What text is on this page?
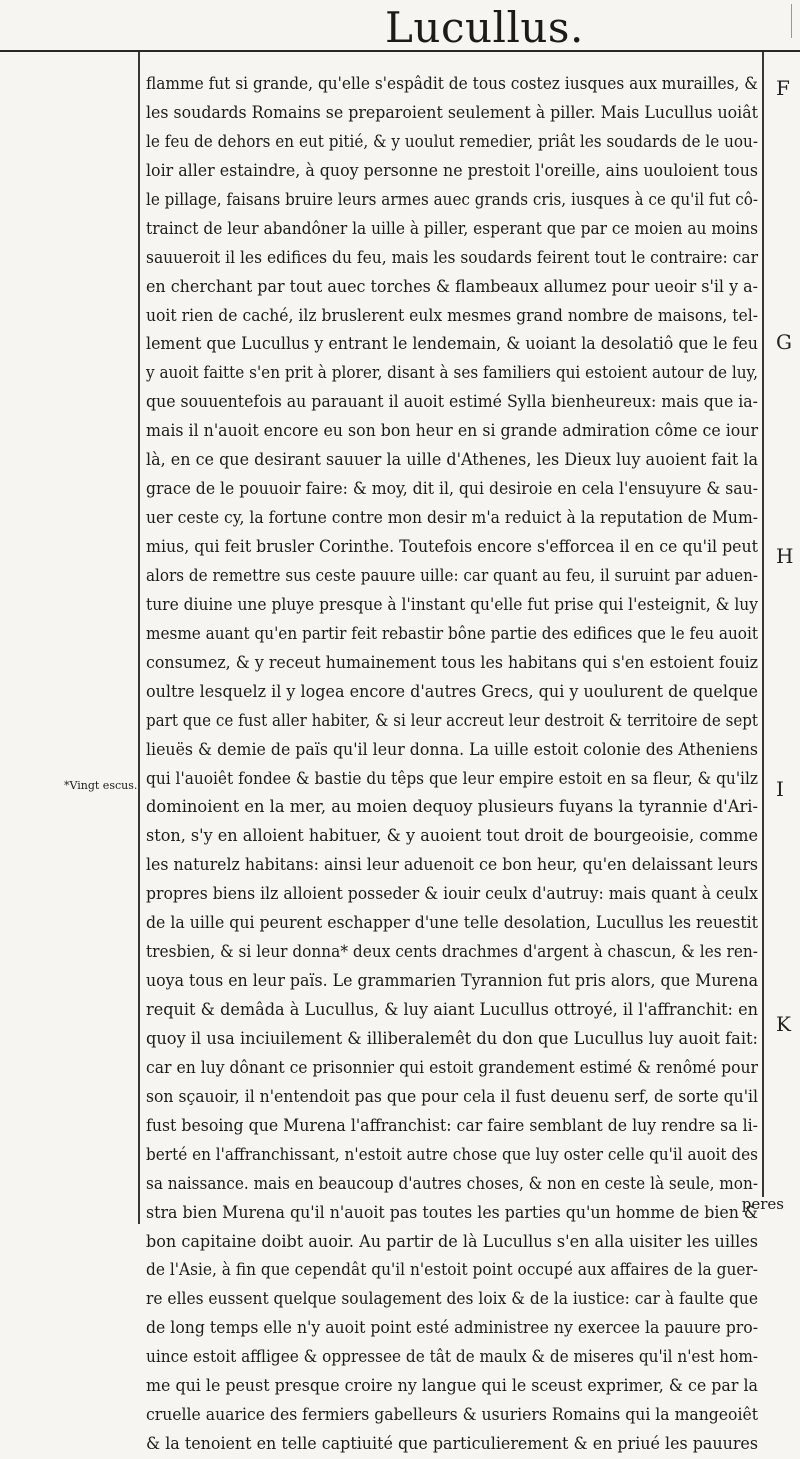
Lucullus.
*Vingt escus.
F
G
H
I
K
flamme fut si grande, qu'elle s'espâdit de tous costez iusques aux murailles, &
les soudards Romains se preparoient seulement à piller. Mais Lucullus uoiât
le feu de dehors en eut pitié, & y uoulut remedier, priât les soudards de le uou-
loir aller estaindre, à quoy personne ne prestoit l'oreille, ains uouloient tous
le pillage, faisans bruire leurs armes auec grands cris, iusques à ce qu'il fut cô-
trainct de leur abandôner la uille à piller, esperant que par ce moien au moins
sauueroit il les edifices du feu, mais les soudards feirent tout le contraire: car
en cherchant par tout auec torches & flambeaux allumez pour ueoir s'il y a-
uoit rien de caché, ilz bruslerent eulx mesmes grand nombre de maisons, tel-
lement que Lucullus y entrant le lendemain, & uoiant la desolatiô que le feu
y auoit faitte s'en prit à plorer, disant à ses familiers qui estoient autour de luy,
que souuentefois au parauant il auoit estimé Sylla bienheureux: mais que ia-
mais il n'auoit encore eu son bon heur en si grande admiration côme ce iour
là, en ce que desirant sauuer la uille d'Athenes, les Dieux luy auoient fait la
grace de le pouuoir faire: & moy, dit il, qui desiroie en cela l'ensuyure & sau-
uer ceste cy, la fortune contre mon desir m'a reduict à la reputation de Mum-
mius, qui feit brusler Corinthe. Toutefois encore s'efforcea il en ce qu'il peut
alors de remettre sus ceste pauure uille: car quant au feu, il suruint par aduen-
ture diuine une pluye presque à l'instant qu'elle fut prise qui l'esteignit, & luy
mesme auant qu'en partir feit rebastir bône partie des edifices que le feu auoit
consumez, & y receut humainement tous les habitans qui s'en estoient fouiz
oultre lesquelz il y logea encore d'autres Grecs, qui y uoulurent de quelque
part que ce fust aller habiter, & si leur accreut leur destroit & territoire de sept
lieuës & demie de païs qu'il leur donna. La uille estoit colonie des Atheniens
qui l'auoiêt fondee & bastie du têps que leur empire estoit en sa fleur, & qu'ilz
dominoient en la mer, au moien dequoy plusieurs fuyans la tyrannie d'Ari-
ston, s'y en alloient habituer, & y auoient tout droit de bourgeoisie, comme
les naturelz habitans: ainsi leur aduenoit ce bon heur, qu'en delaissant leurs
propres biens ilz alloient posseder & iouir ceulx d'autruy: mais quant à ceulx
de la uille qui peurent eschapper d'une telle desolation, Lucullus les reuestit
tresbien, & si leur donna* deux cents drachmes d'argent à chascun, & les ren-
uoya tous en leur païs. Le grammarien Tyrannion fut pris alors, que Murena
requit & demâda à Lucullus, & luy aiant Lucullus ottroyé, il l'affranchit: en
quoy il usa inciuilement & illiberalemêt du don que Lucullus luy auoit fait:
car en luy dônant ce prisonnier qui estoit grandement estimé & renômé pour
son sçauoir, il n'entendoit pas que pour cela il fust deuenu serf, de sorte qu'il
fust besoing que Murena l'affranchist: car faire semblant de luy rendre sa li-
berté en l'affranchissant, n'estoit autre chose que luy oster celle qu'il auoit des
sa naissance. mais en beaucoup d'autres choses, & non en ceste là seule, mon-
stra bien Murena qu'il n'auoit pas toutes les parties qu'un homme de bien &
bon capitaine doibt auoir. Au partir de là Lucullus s'en alla uisiter les uilles
de l'Asie, à fin que cependât qu'il n'estoit point occupé aux affaires de la guer-
re elles eussent quelque soulagement des loix & de la iustice: car à faulte que
de long temps elle n'y auoit point esté administree ny exercee la pauure pro-
uince estoit affligee & oppressee de tât de maulx & de miseres qu'il n'est hom-
me qui le peust presque croire ny langue qui le sceust exprimer, & ce par la
cruelle auarice des fermiers gabelleurs & usuriers Romains qui la mangeoiêt
& la tenoient en telle captiuité que particulierement & en priué les pauures
peres
